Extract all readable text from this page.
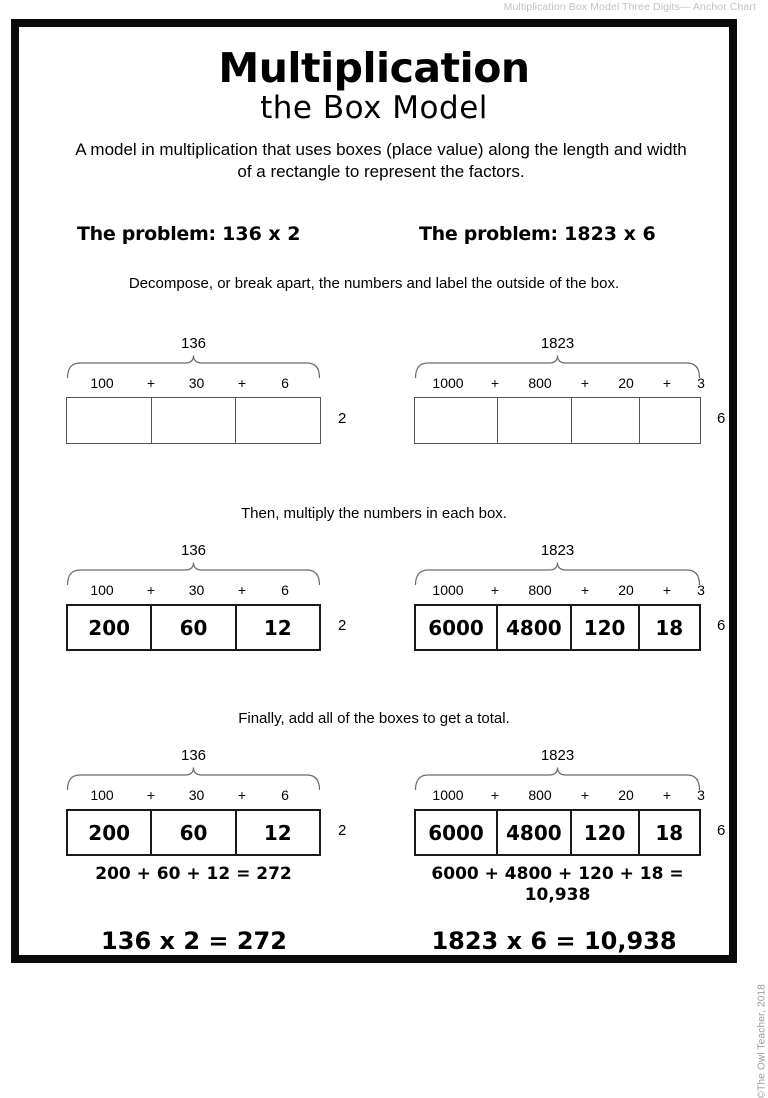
Multiplication Box Model Three Digits— Anchor Chart
©The Owl Teacher, 2018
Multiplication
the Box Model
A model in multiplication that uses boxes (place value) along the length and width of a rectangle to represent the factors.
The problem: 136 x 2	The problem: 1823 x 6
Decompose, or break apart, the numbers and label the outside of the box.
136
100	+	30	+	6
2
1823
1000	+	800	+	20	+	3
6
Then, multiply the numbers in each box.
136
100	+	30	+	6
200	60	12	2
1823
1000	+	800	+	20	+	3
6000	4800	120	18	6
Finally, add all of the boxes to get a total.
136
100	+	30	+	6
200	60	12	2
1823
1000	+	800	+	20	+	3
6000	4800	120	18	6
200 + 60 + 12 = 272	6000 + 4800 + 120 + 18 =
10,938
136 x 2 = 272	1823 x 6 = 10,938
